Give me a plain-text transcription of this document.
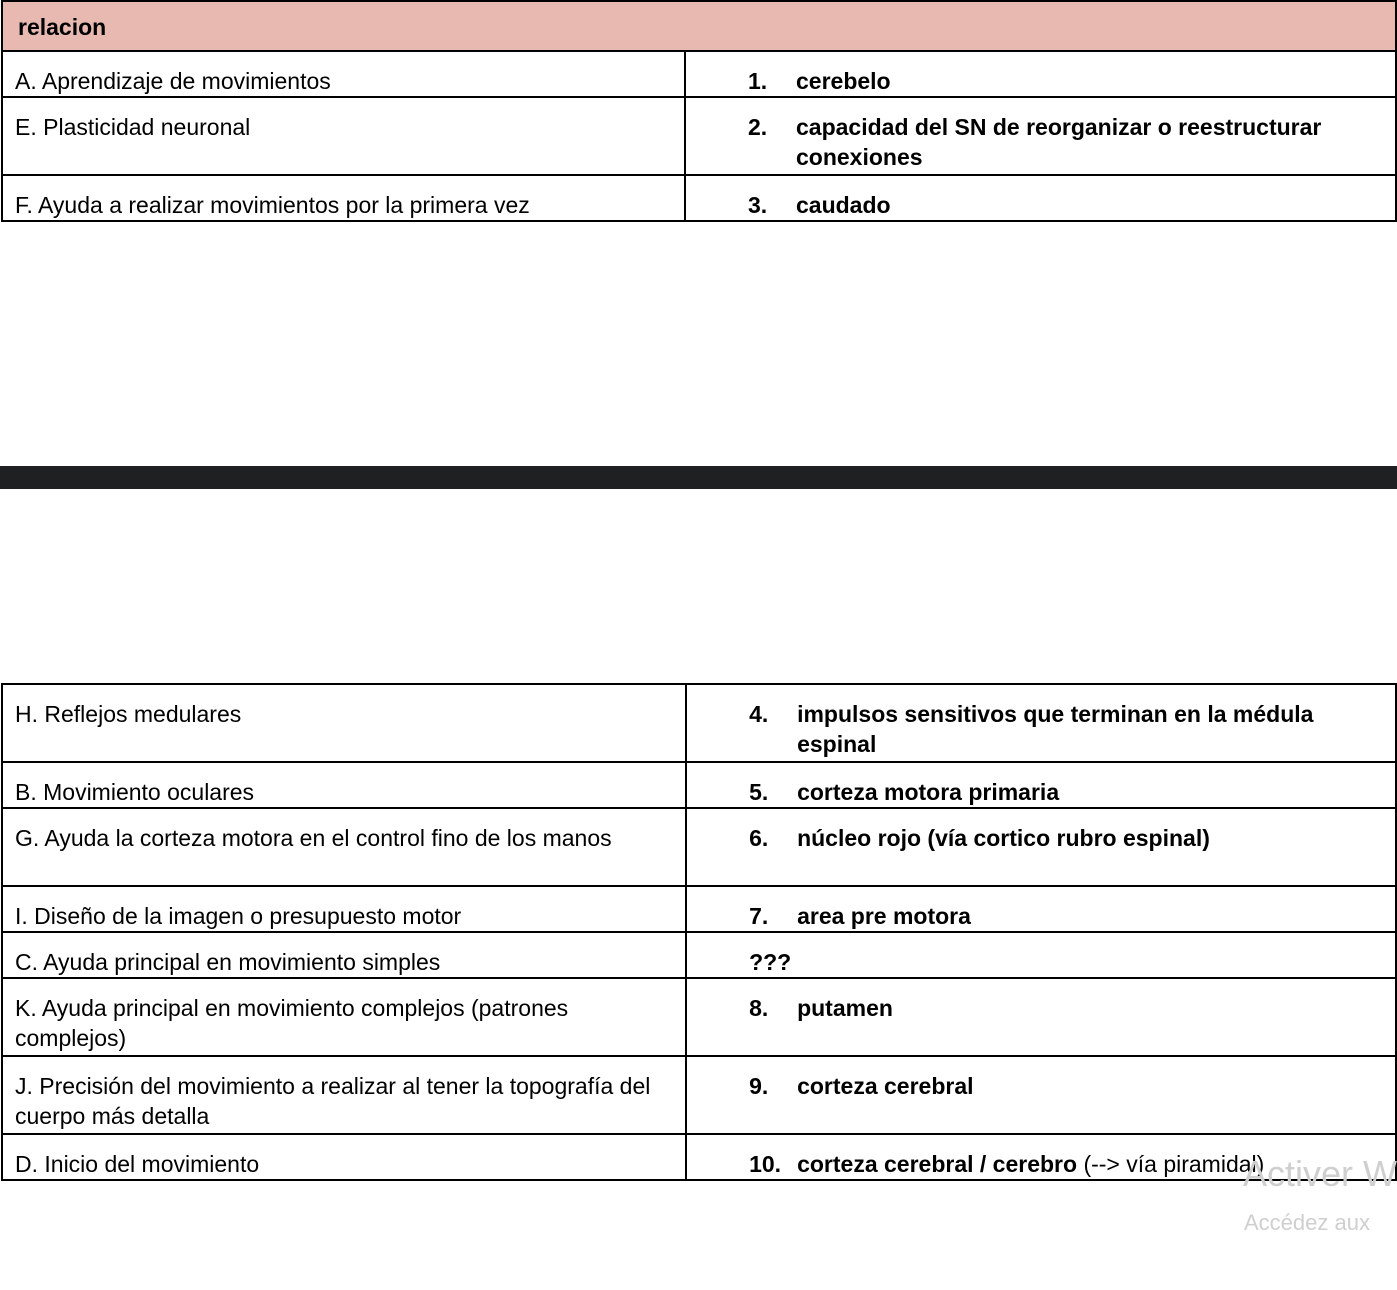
relacion	
A. Aprendizaje de movimientos	1. cerebelo

E. Plasticidad neuronal	2. capacidad del SN de reorganizar o reestructurar conexiones

F. Ayuda a realizar movimientos por la primera vez	3. caudado
H. Reflejos medulares	4. impulsos sensitivos que terminan en la médula espinal

B. Movimiento oculares	5. corteza motora primaria

G. Ayuda la corteza motora en el control fino de los manos	6. núcleo rojo (vía cortico rubro espinal)

I. Diseño de la imagen o presupuesto motor	7. area pre motora

C. Ayuda principal en movimiento simples	???

K. Ayuda principal en movimiento complejos (patrones complejos)	8. putamen

J. Precisión del movimiento a realizar al tener la topografía del cuerpo más detalla	9. corteza cerebral

D. Inicio del movimiento	10. corteza cerebral / cerebro (--> vía piramidal)
Activer W
Accédez aux
